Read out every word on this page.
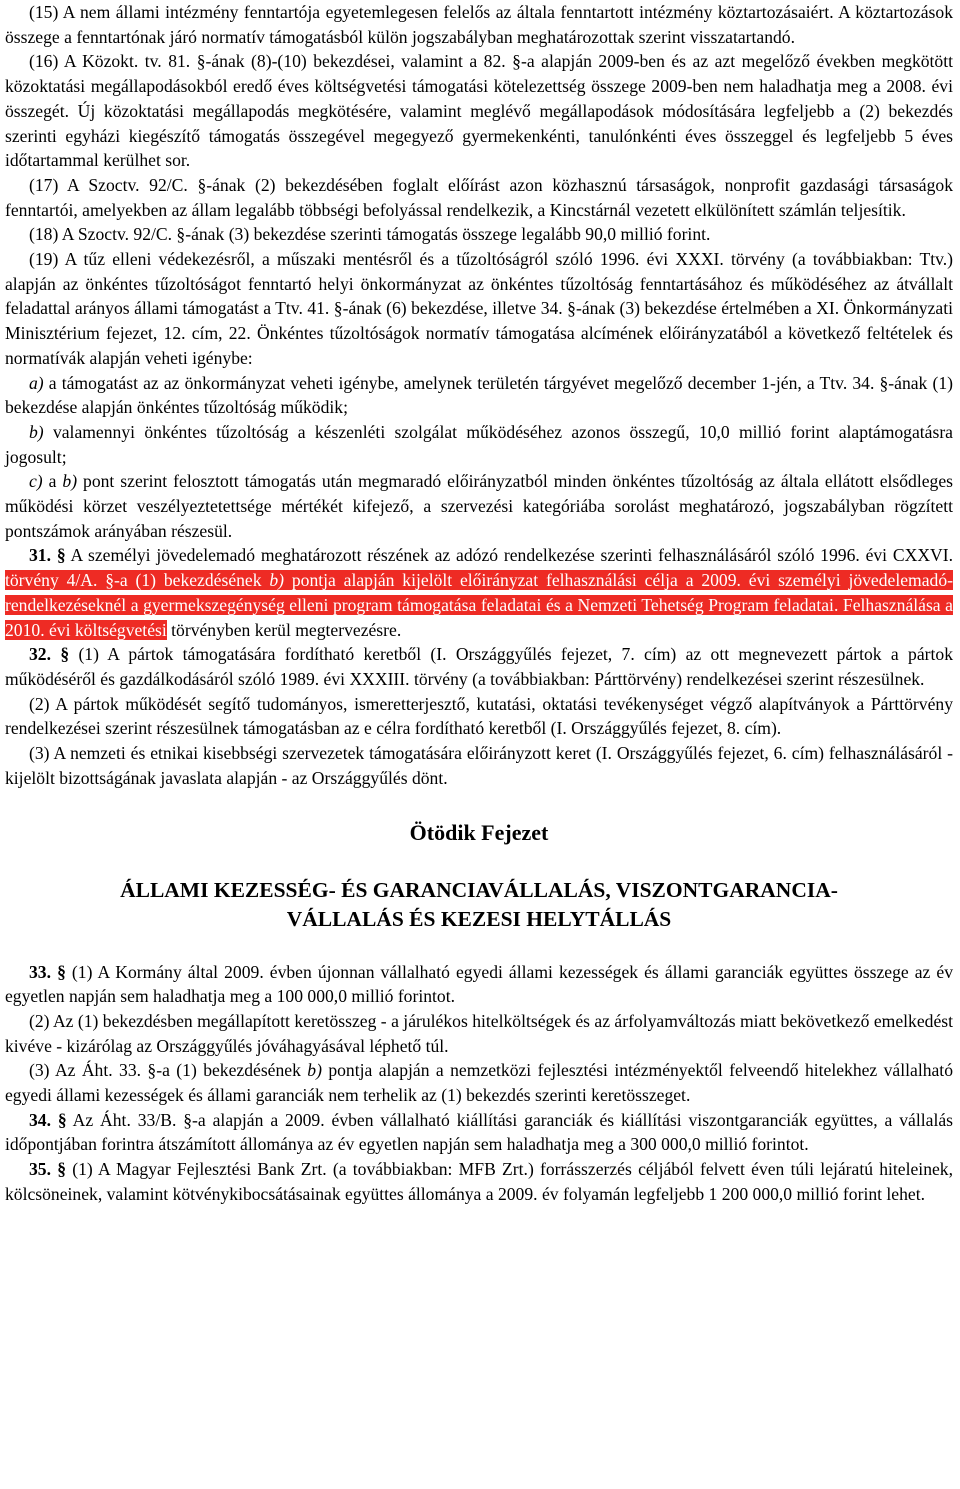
(15) A nem állami intézmény fenntartója egyetemlegesen felelős az általa fenntartott intézmény köztartozásaiért. A köztartozások összege a fenntartónak járó normatív támogatásból külön jogszabályban meghatározottak szerint visszatartandó.

(16) A Közokt. tv. 81. §-ának (8)-(10) bekezdései, valamint a 82. §-a alapján 2009-ben és az azt megelőző években megkötött közoktatási megállapodásokból eredő éves költségvetési támogatási kötelezettség összege 2009-ben nem haladhatja meg a 2008. évi összegét. Új közoktatási megállapodás megkötésére, valamint meglévő megállapodások módosítására legfeljebb a (2) bekezdés szerinti egyházi kiegészítő támogatás összegével megegyező gyermekenkénti, tanulónkénti éves összeggel és legfeljebb 5 éves időtartammal kerülhet sor.

(17) A Szoctv. 92/C. §-ának (2) bekezdésében foglalt előírást azon közhasznú társaságok, nonprofit gazdasági társaságok fenntartói, amelyekben az állam legalább többségi befolyással rendelkezik, a Kincstárnál vezetett elkülönített számlán teljesítik.

(18) A Szoctv. 92/C. §-ának (3) bekezdése szerinti támogatás összege legalább 90,0 millió forint.

(19) A tűz elleni védekezésről, a műszaki mentésről és a tűzoltóságról szóló 1996. évi XXXI. törvény (a továbbiakban: Ttv.) alapján az önkéntes tűzoltóságot fenntartó helyi önkormányzat az önkéntes tűzoltóság fenntartásához és működéséhez az átvállalt feladattal arányos állami támogatást a Ttv. 41. §-ának (6) bekezdése, illetve 34. §-ának (3) bekezdése értelmében a XI. Önkormányzati Minisztérium fejezet, 12. cím, 22. Önkéntes tűzoltóságok normatív támogatása alcímének előirányzatából a következő feltételek és normatívák alapján veheti igénybe:

a) a támogatást az az önkormányzat veheti igénybe, amelynek területén tárgyévet megelőző december 1-jén, a Ttv. 34. §-ának (1) bekezdése alapján önkéntes tűzoltóság működik;

b) valamennyi önkéntes tűzoltóság a készenléti szolgálat működéséhez azonos összegű, 10,0 millió forint alaptámogatásra jogosult;

c) a b) pont szerint felosztott támogatás után megmaradó előirányzatból minden önkéntes tűzoltóság az általa ellátott elsődleges működési körzet veszélyeztetettsége mértékét kifejező, a szervezési kategóriába sorolást meghatározó, jogszabályban rögzített pontszámok arányában részesül.

31. § A személyi jövedelemadó meghatározott részének az adózó rendelkezése szerinti felhasználásáról szóló 1996. évi CXXVI. törvény 4/A. §-a (1) bekezdésének b) pontja alapján kijelölt előirányzat felhasználási célja a 2009. évi személyi jövedelemadó-rendelkezéseknél a gyermekszegénység elleni program támogatása feladatai és a Nemzeti Tehetség Program feladatai. Felhasználása a 2010. évi költségvetési törvényben kerül megtervezésre.

32. § (1) A pártok támogatására fordítható keretből (I. Országgyűlés fejezet, 7. cím) az ott megnevezett pártok a pártok működéséről és gazdálkodásáról szóló 1989. évi XXXIII. törvény (a továbbiakban: Párttörvény) rendelkezései szerint részesülnek.

(2) A pártok működését segítő tudományos, ismeretterjesztő, kutatási, oktatási tevékenységet végző alapítványok a Párttörvény rendelkezései szerint részesülnek támogatásban az e célra fordítható keretből (I. Országgyűlés fejezet, 8. cím).

(3) A nemzeti és etnikai kisebbségi szervezetek támogatására előirányzott keret (I. Országgyűlés fejezet, 6. cím) felhasználásáról - kijelölt bizottságának javaslata alapján - az Országgyűlés dönt.

Ötödik Fejezet
ÁLLAMI KEZESSÉG- ÉS GARANCIAVÁLLALÁS, VISZONTGARANCIA-
VÁLLALÁS ÉS KEZESI HELYTÁLLÁS

33. § (1) A Kormány által 2009. évben újonnan vállalható egyedi állami kezességek és állami garanciák együttes összege az év egyetlen napján sem haladhatja meg a 100 000,0 millió forintot.

(2) Az (1) bekezdésben megállapított keretösszeg - a járulékos hitelköltségek és az árfolyamváltozás miatt bekövetkező emelkedést kivéve - kizárólag az Országgyűlés jóváhagyásával léphető túl.

(3) Az Áht. 33. §-a (1) bekezdésének b) pontja alapján a nemzetközi fejlesztési intézményektől felveendő hitelekhez vállalható egyedi állami kezességek és állami garanciák nem terhelik az (1) bekezdés szerinti keretösszeget.

34. § Az Áht. 33/B. §-a alapján a 2009. évben vállalható kiállítási garanciák és kiállítási viszontgaranciák együttes, a vállalás időpontjában forintra átszámított állománya az év egyetlen napján sem haladhatja meg a 300 000,0 millió forintot.

35. § (1) A Magyar Fejlesztési Bank Zrt. (a továbbiakban: MFB Zrt.) forrásszerzés céljából felvett éven túli lejáratú hiteleinek, kölcsöneinek, valamint kötvénykibocsátásainak együttes állománya a 2009. év folyamán legfeljebb 1 200 000,0 millió forint lehet.
